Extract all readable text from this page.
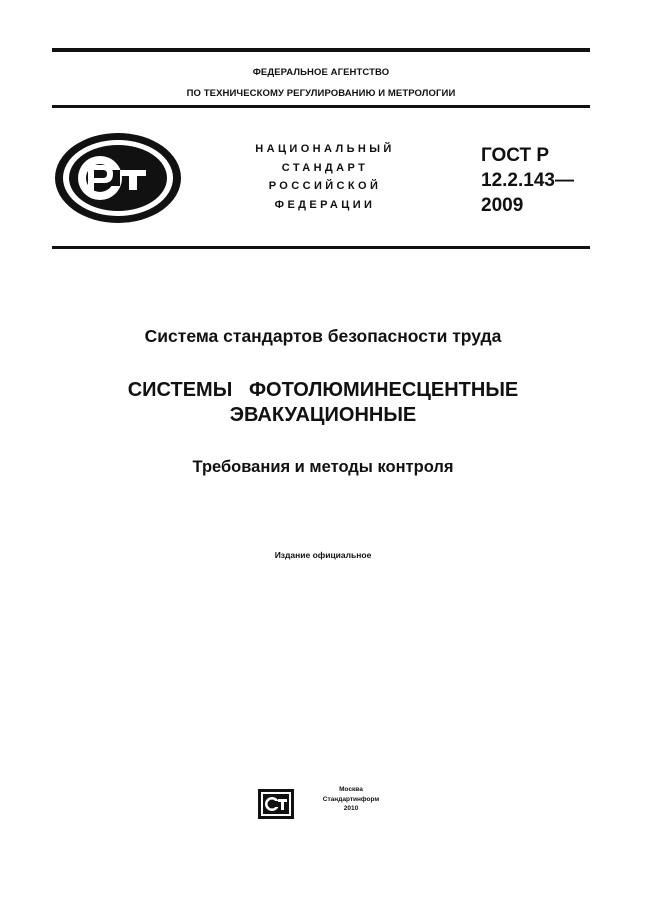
ФЕДЕРАЛЬНОЕ АГЕНТСТВО
ПО ТЕХНИЧЕСКОМУ РЕГУЛИРОВАНИЮ И МЕТРОЛОГИИ
НАЦИОНАЛЬНЫЙ
СТАНДАРТ
РОССИЙСКОЙ
ФЕДЕРАЦИИ
ГОСТ Р
12.2.143—
2009
Система стандартов безопасности труда
СИСТЕМЫ   ФОТОЛЮМИНЕСЦЕНТНЫЕ
ЭВАКУАЦИОННЫЕ
Требования и методы контроля
Издание официальное
Москва
Стандартинформ
2010
